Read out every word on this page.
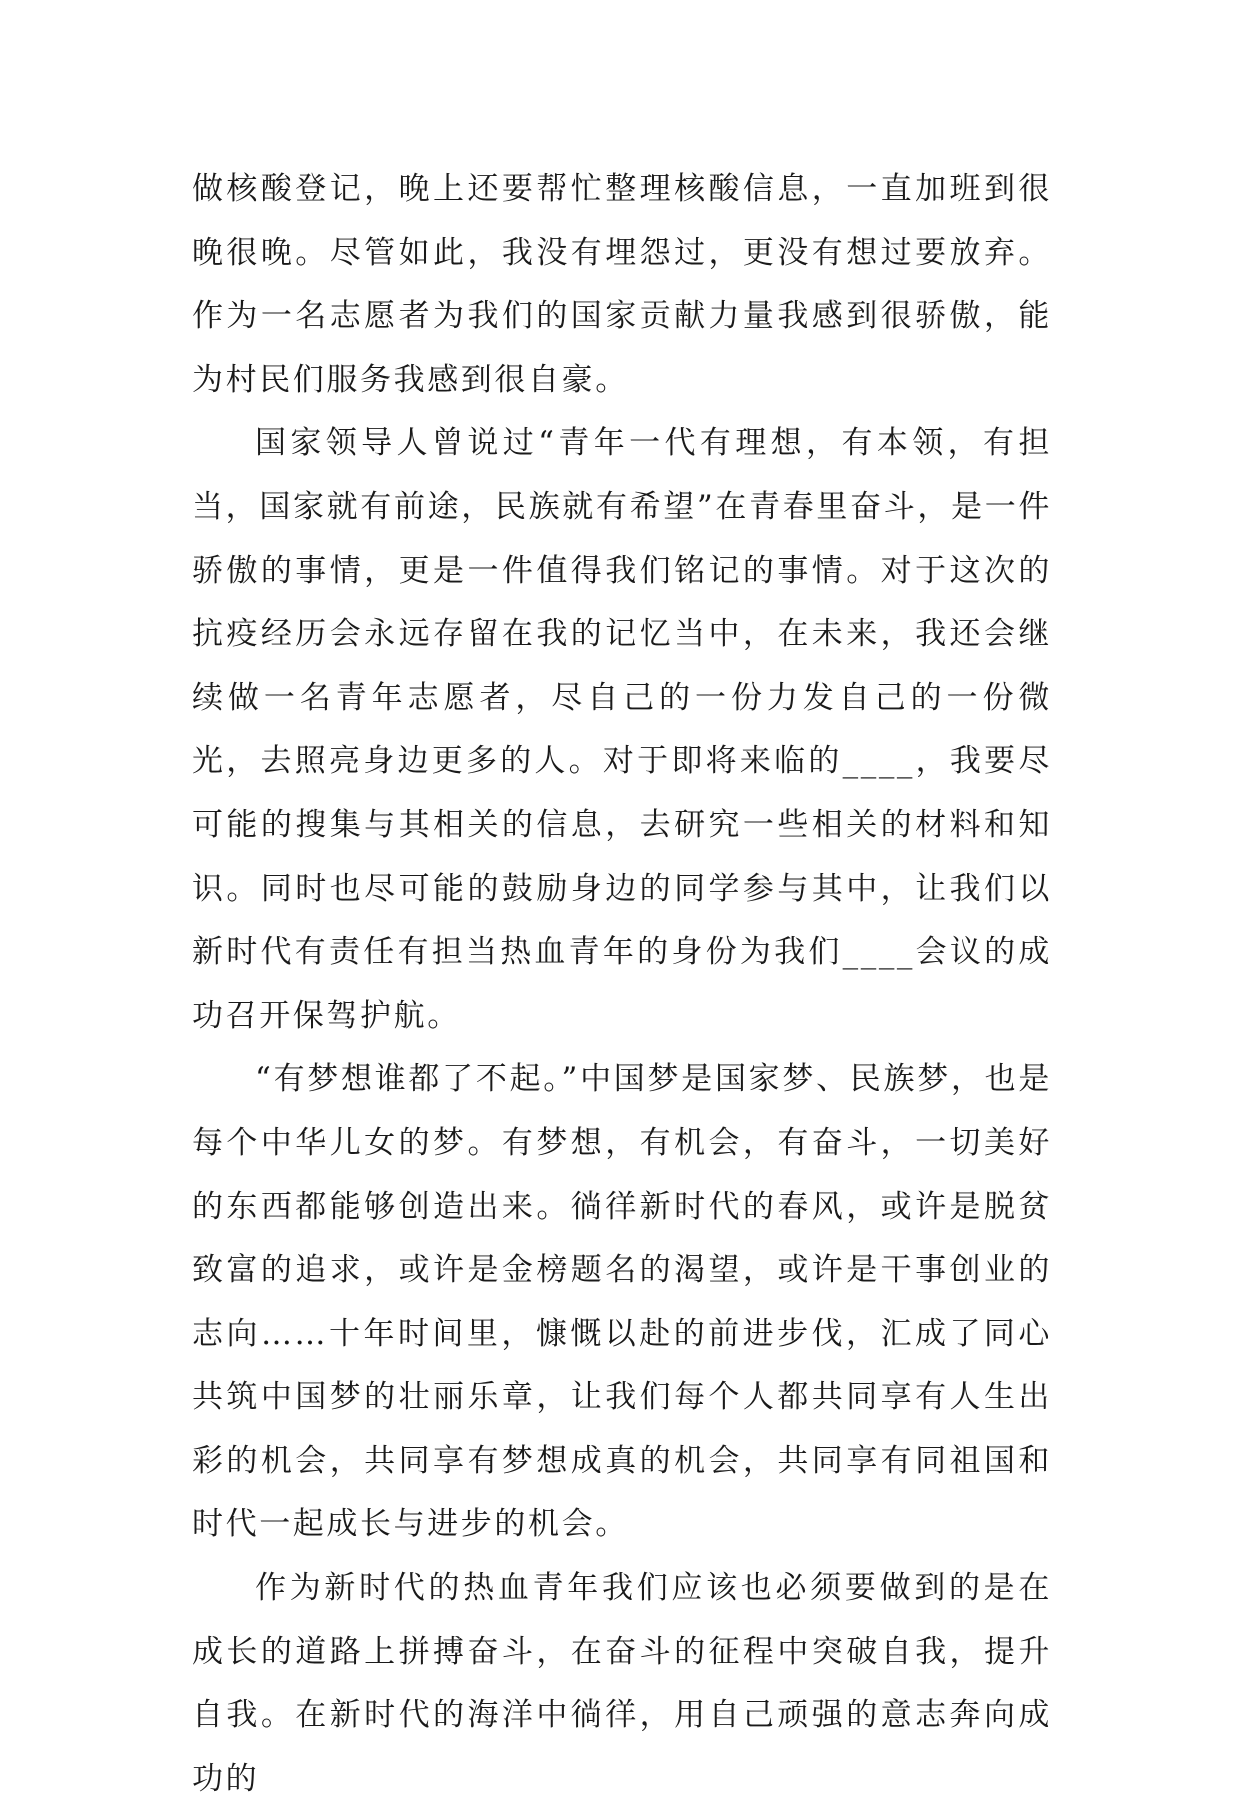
做核酸登记，晚上还要帮忙整理核酸信息，一直加班到很晚很晚。尽管如此，我没有埋怨过，更没有想过要放弃。作为一名志愿者为我们的国家贡献力量我感到很骄傲，能为村民们服务我感到很自豪。

国家领导人曾说过“青年一代有理想，有本领，有担当，国家就有前途，民族就有希望”在青春里奋斗，是一件骄傲的事情，更是一件值得我们铭记的事情。对于这次的抗疫经历会永远存留在我的记忆当中，在未来，我还会继续做一名青年志愿者，尽自己的一份力发自己的一份微光，去照亮身边更多的人。对于即将来临的____，我要尽可能的搜集与其相关的信息，去研究一些相关的材料和知识。同时也尽可能的鼓励身边的同学参与其中，让我们以新时代有责任有担当热血青年的身份为我们____会议的成功召开保驾护航。

“有梦想谁都了不起。”中国梦是国家梦、民族梦，也是每个中华儿女的梦。有梦想，有机会，有奋斗，一切美好的东西都能够创造出来。徜徉新时代的春风，或许是脱贫致富的追求，或许是金榜题名的渴望，或许是干事创业的志向……十年时间里，慷慨以赴的前进步伐，汇成了同心共筑中国梦的壮丽乐章，让我们每个人都共同享有人生出彩的机会，共同享有梦想成真的机会，共同享有同祖国和时代一起成长与进步的机会。

作为新时代的热血青年我们应该也必须要做到的是在成长的道路上拼搏奋斗，在奋斗的征程中突破自我，提升自我。在新时代的海洋中徜徉，用自己顽强的意志奔向成功的
